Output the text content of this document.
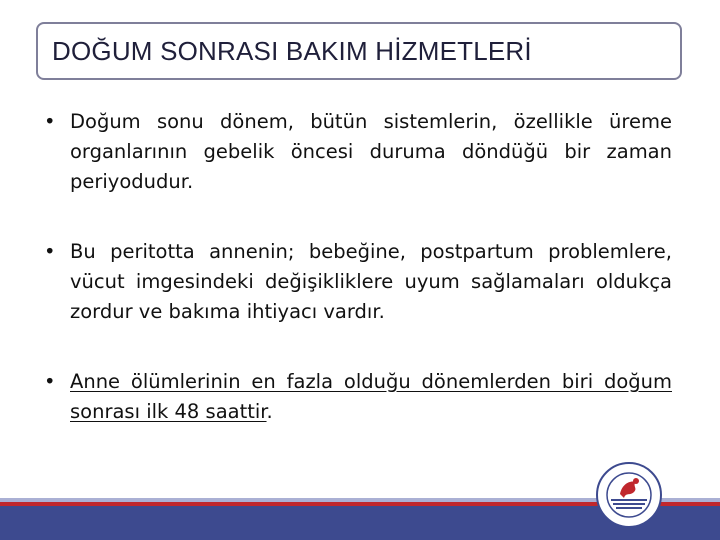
DOĞUM SONRASI BAKIM HİZMETLERİ
• Doğum sonu dönem, bütün sistemlerin, özellikle üreme organlarının gebelik öncesi duruma döndüğü bir zaman periyodudur.
• Bu peritotta annenin; bebeğine, postpartum problemlere, vücut imgesindeki değişikliklere uyum sağlamaları oldukça zordur ve bakıma ihtiyacı vardır.
• Anne ölümlerinin en fazla olduğu dönemlerden biri doğum sonrası ilk 48 saattir.
